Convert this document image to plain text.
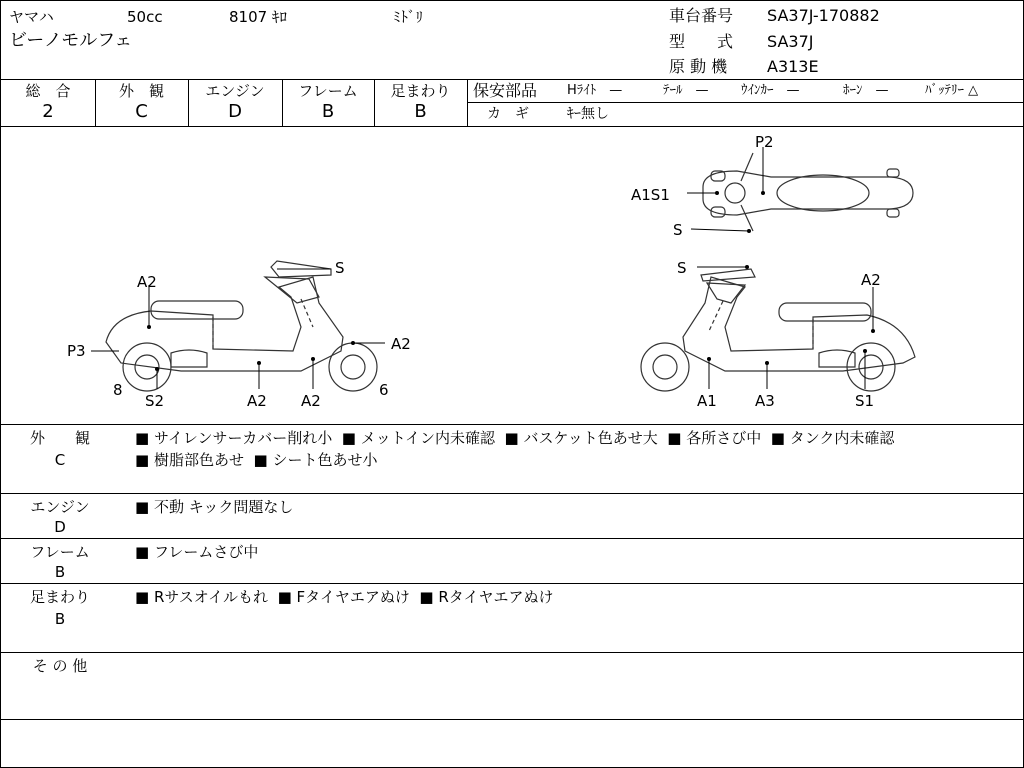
ヤマハ	50cc	8107 ｷﾛ	ﾐﾄﾞﾘ
ビーノモルフェ
車台番号 SA37J-170882
型　　式 SA37J
原 動 機 A313E
総　合
2
外　観
C
エンジン
D
フレーム
B
足まわり
B
保安部品 Hﾗｲﾄ　—	ﾃｰﾙ　— ｳｲﾝｶｰ　—	ﾎｰﾝ　—	ﾊﾞｯﾃﾘｰ △
カ　ギ	ｷｰ無し
A2
P3
8
S2	A2 A2
6
A2
S
P2
A1S1
S
S
A2
A1	A3	S1
外　　観
C
■ サイレンサーカバー削れ小 ■ メットイン内未確認 ■ バスケット色あせ大 ■ 各所さび中 ■ タンク内未確認  ■ 樹脂部色あせ ■ シート色あせ小
エンジン
D
■ 不動 キック問題なし
フレーム
B
■ フレームさび中
足まわり
B
■ Rサスオイルもれ ■ Fタイヤエアぬけ ■ Rタイヤエアぬけ
そ の 他
